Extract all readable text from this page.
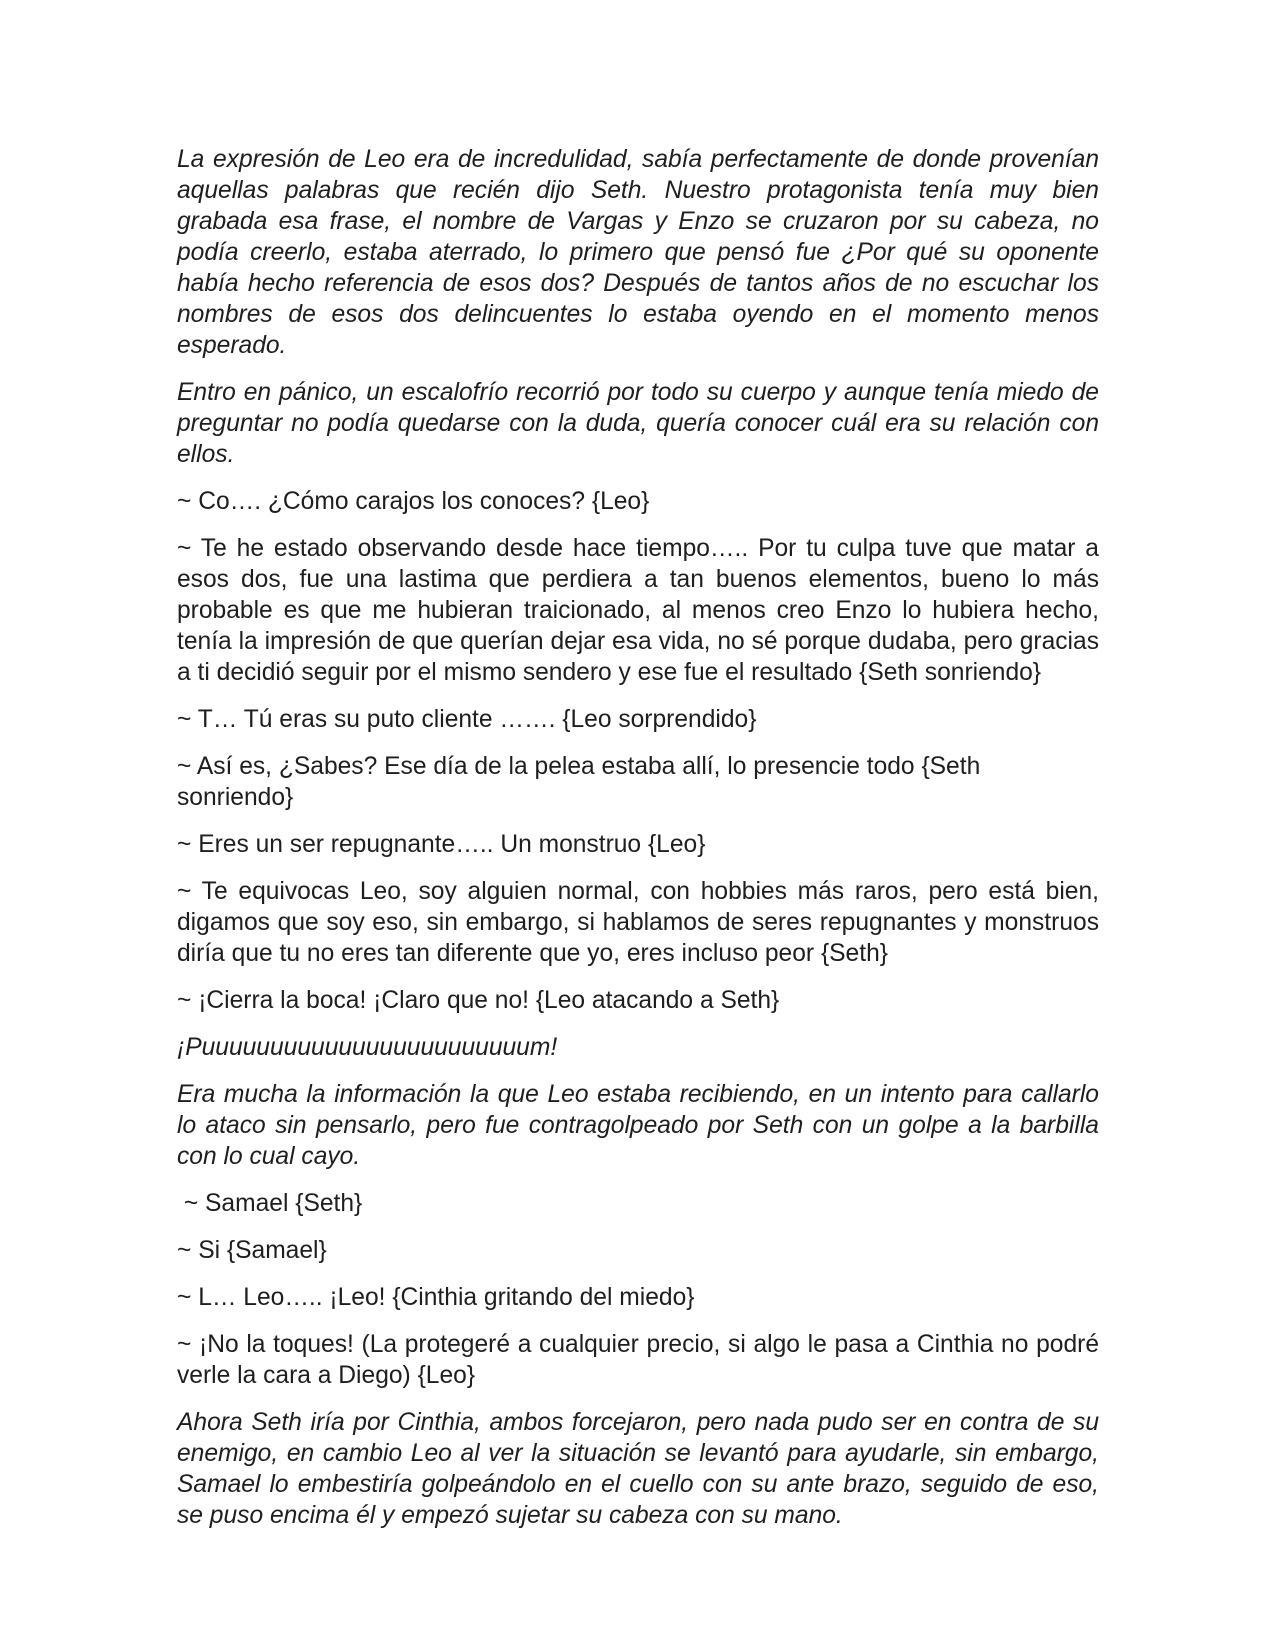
La expresión de Leo era de incredulidad, sabía perfectamente de donde provenían aquellas palabras que recién dijo Seth. Nuestro protagonista tenía muy bien grabada esa frase, el nombre de Vargas y Enzo se cruzaron por su cabeza, no podía creerlo, estaba aterrado, lo primero que pensó fue ¿Por qué su oponente había hecho referencia de esos dos? Después de tantos años de no escuchar los nombres de esos dos delincuentes lo estaba oyendo en el momento menos esperado.

Entro en pánico, un escalofrío recorrió por todo su cuerpo y aunque tenía miedo de preguntar no podía quedarse con la duda, quería conocer cuál era su relación con ellos.

~ Co…. ¿Cómo carajos los conoces? {Leo}

~ Te he estado observando desde hace tiempo….. Por tu culpa tuve que matar a esos dos, fue una lastima que perdiera a tan buenos elementos, bueno lo más probable es que me hubieran traicionado, al menos creo Enzo lo hubiera hecho, tenía la impresión de que querían dejar esa vida, no sé porque dudaba, pero gracias a ti decidió seguir por el mismo sendero y ese fue el resultado {Seth sonriendo}

~ T… Tú eras su puto cliente ……. {Leo sorprendido}

~ Así es, ¿Sabes? Ese día de la pelea estaba allí, lo presencie todo {Seth sonriendo}

~ Eres un ser repugnante….. Un monstruo {Leo}

~ Te equivocas Leo, soy alguien normal, con hobbies más raros, pero está bien, digamos que soy eso, sin embargo, si hablamos de seres repugnantes y monstruos diría que tu no eres tan diferente que yo, eres incluso peor {Seth}

~ ¡Cierra la boca! ¡Claro que no! {Leo atacando a Seth}

¡Puuuuuuuuuuuuuuuuuuuuuuuum!

Era mucha la información la que Leo estaba recibiendo, en un intento para callarlo lo ataco sin pensarlo, pero fue contragolpeado por Seth con un golpe a la barbilla con lo cual cayo.

~ Samael {Seth}

~ Si {Samael}

~ L… Leo….. ¡Leo! {Cinthia gritando del miedo}

~ ¡No la toques! (La protegeré a cualquier precio, si algo le pasa a Cinthia no podré verle la cara a Diego) {Leo}

Ahora Seth iría por Cinthia, ambos forcejaron, pero nada pudo ser en contra de su enemigo, en cambio Leo al ver la situación se levantó para ayudarle, sin embargo, Samael lo embestiría golpeándolo en el cuello con su ante brazo, seguido de eso, se puso encima él y empezó sujetar su cabeza con su mano.
